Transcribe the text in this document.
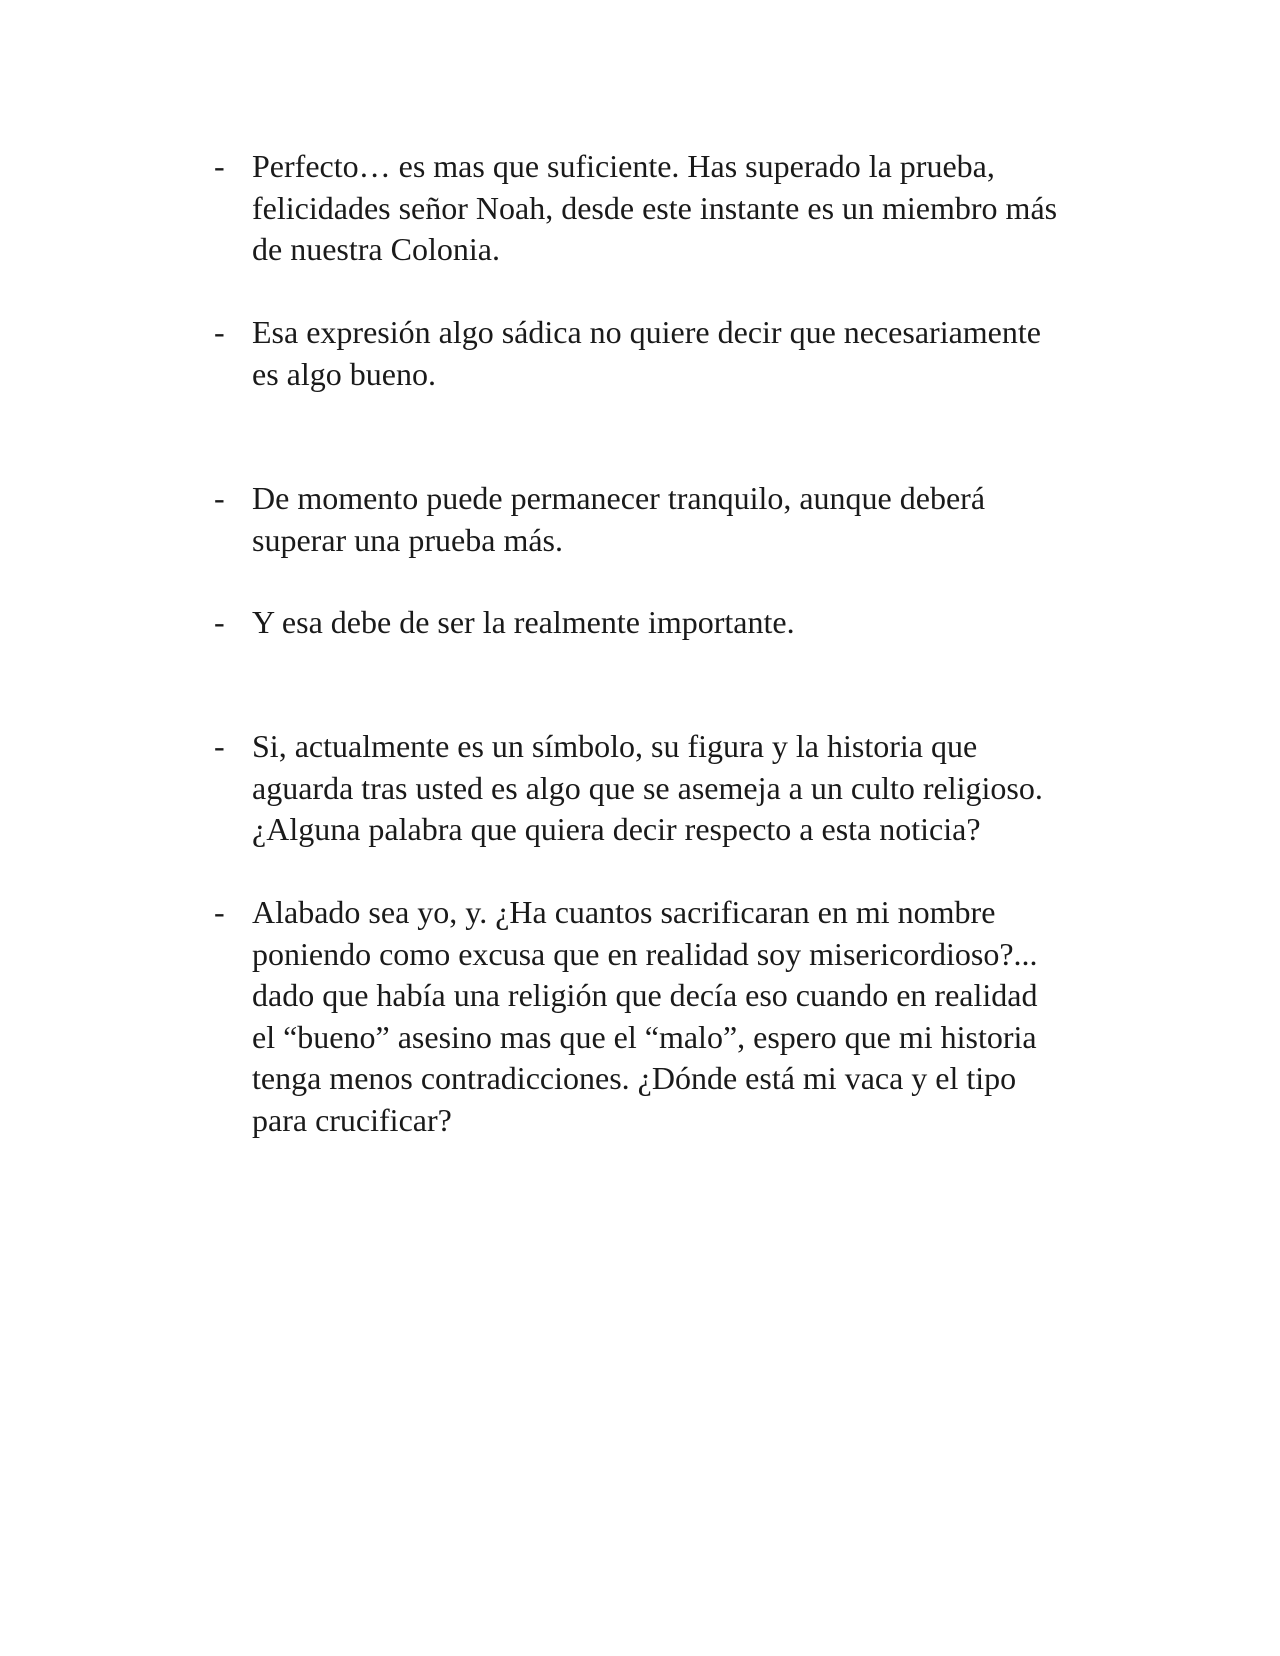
- Perfecto… es mas que suficiente. Has superado la prueba,
felicidades señor Noah, desde este instante es un miembro más
de nuestra Colonia.
- Esa expresión algo sádica no quiere decir que necesariamente
es algo bueno.
- De momento puede permanecer tranquilo, aunque deberá
superar una prueba más.
- Y esa debe de ser la realmente importante.
- Si, actualmente es un símbolo, su figura y la historia que
aguarda tras usted es algo que se asemeja a un culto religioso.
¿Alguna palabra que quiera decir respecto a esta noticia?
- Alabado sea yo, y. ¿Ha cuantos sacrificaran en mi nombre
poniendo como excusa que en realidad soy misericordioso?...
dado que había una religión que decía eso cuando en realidad
el “bueno” asesino mas que el “malo”, espero que mi historia
tenga menos contradicciones. ¿Dónde está mi vaca y el tipo
para crucificar?
